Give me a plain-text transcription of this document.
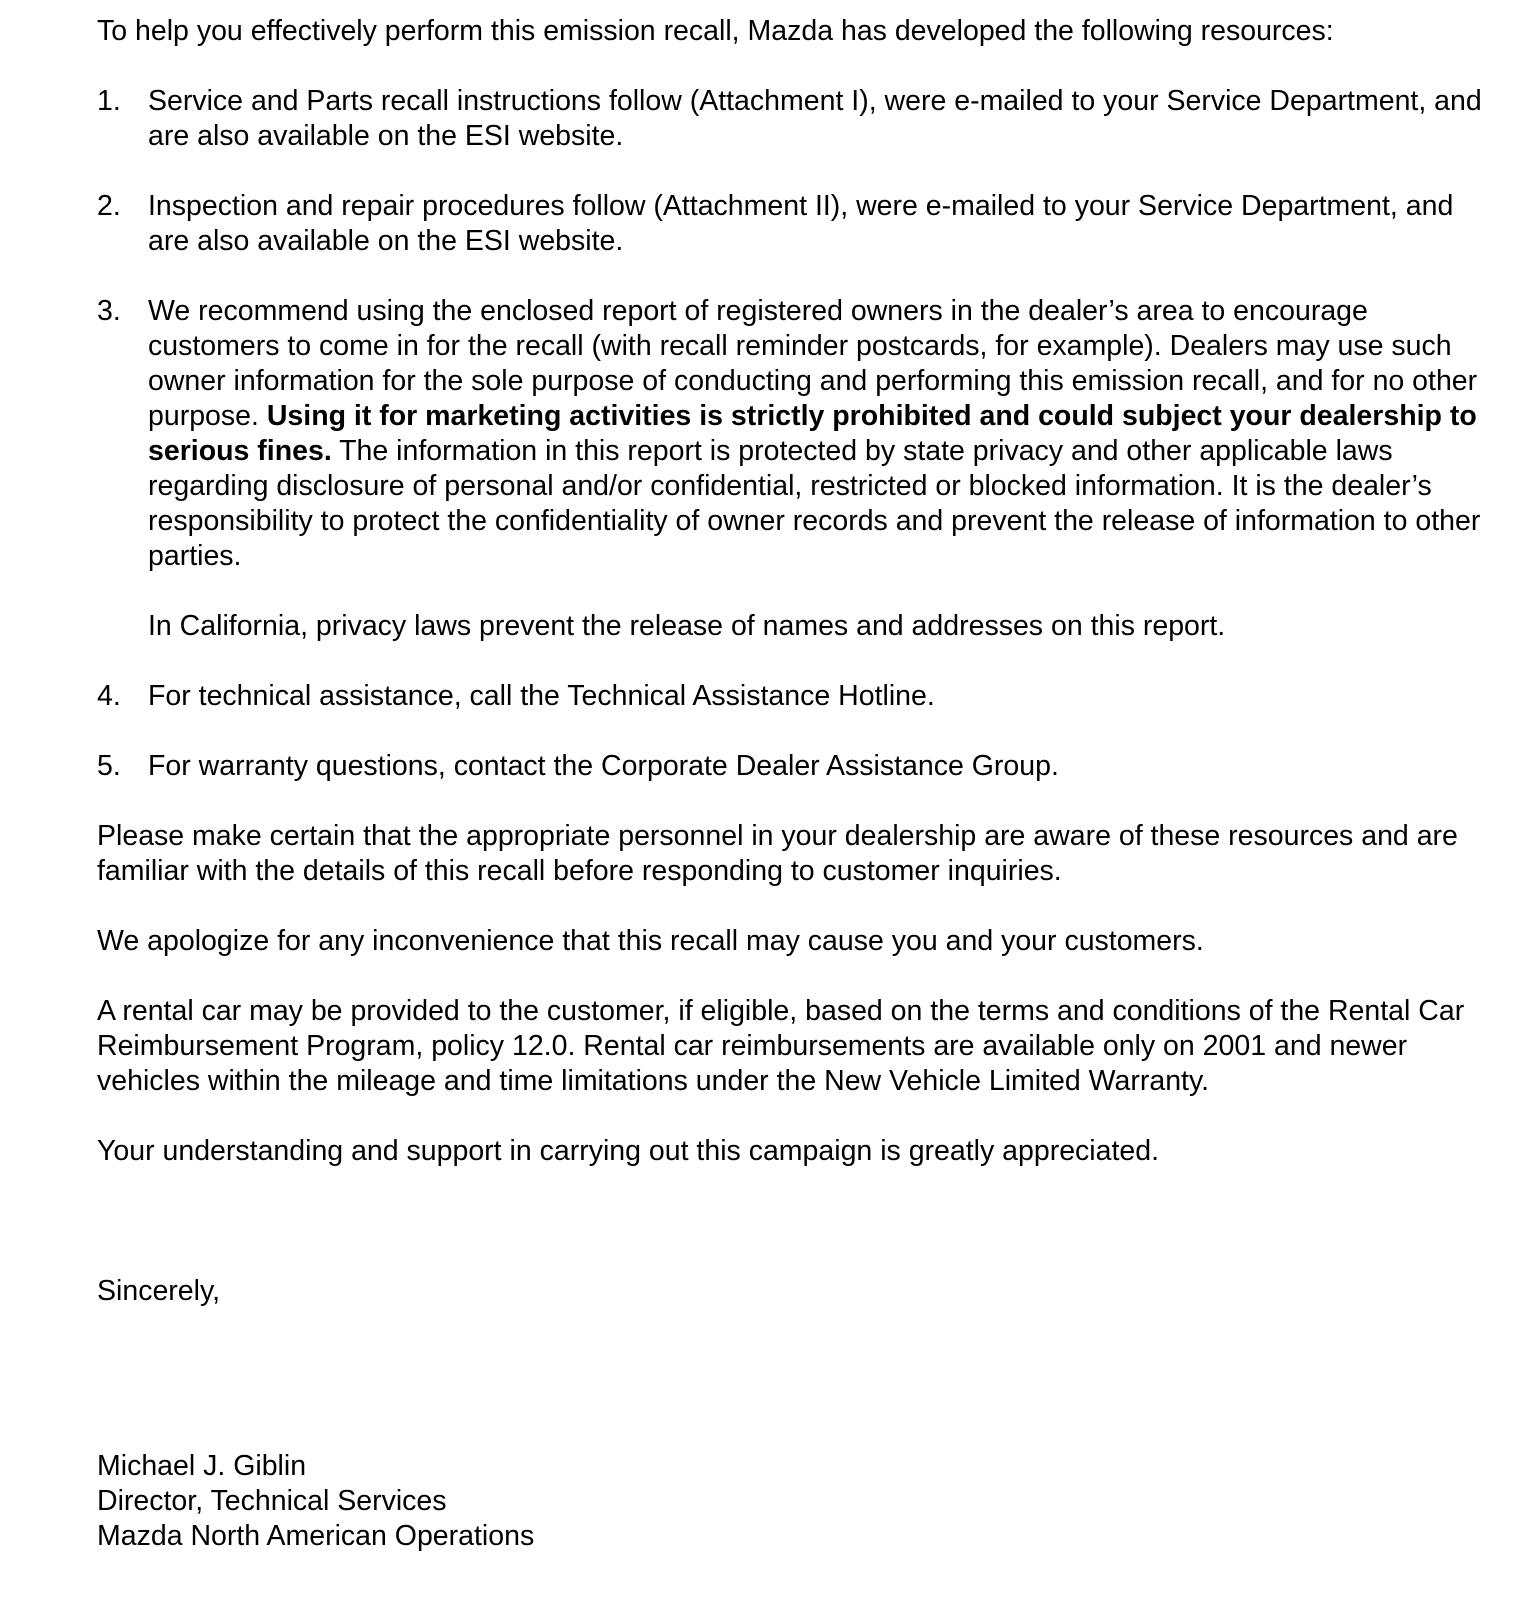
To help you effectively perform this emission recall, Mazda has developed the following resources:

1. Service and Parts recall instructions follow (Attachment I), were e-mailed to your Service Department, and are also available on the ESI website.
2. Inspection and repair procedures follow (Attachment II), were e-mailed to your Service Department, and are also available on the ESI website.
3. We recommend using the enclosed report of registered owners in the dealer’s area to encourage customers to come in for the recall (with recall reminder postcards, for example). Dealers may use such owner information for the sole purpose of conducting and performing this emission recall, and for no other purpose. Using it for marketing activities is strictly prohibited and could subject your dealership to serious fines. The information in this report is protected by state privacy and other applicable laws regarding disclosure of personal and/or confidential, restricted or blocked information. It is the dealer’s responsibility to protect the confidentiality of owner records and prevent the release of information to other parties.

In California, privacy laws prevent the release of names and addresses on this report.

4. For technical assistance, call the Technical Assistance Hotline.
5. For warranty questions, contact the Corporate Dealer Assistance Group.

Please make certain that the appropriate personnel in your dealership are aware of these resources and are familiar with the details of this recall before responding to customer inquiries.

We apologize for any inconvenience that this recall may cause you and your customers.

A rental car may be provided to the customer, if eligible, based on the terms and conditions of the Rental Car Reimbursement Program, policy 12.0. Rental car reimbursements are available only on 2001 and newer vehicles within the mileage and time limitations under the New Vehicle Limited Warranty.

Your understanding and support in carrying out this campaign is greatly appreciated.

Sincerely,

Michael J. Giblin

Director, Technical Services

Mazda North American Operations
